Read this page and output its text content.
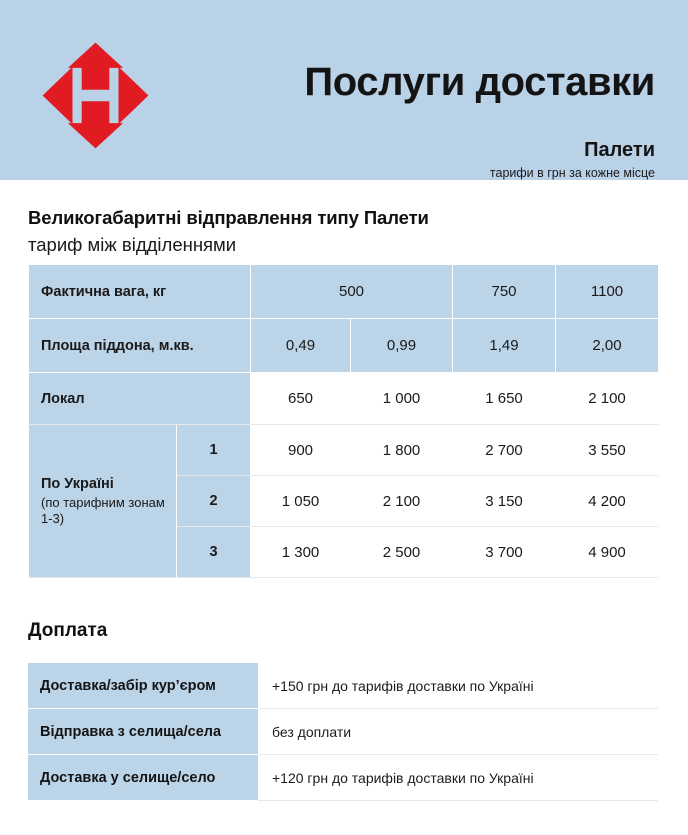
Послуги доставки
Палети
тарифи в грн за кожне місце
Великогабаритні відправлення типу Палети
тариф між відділеннями
Фактична вага, кг		500		750	1100
Площа піддона, м.кв.		0,49	0,99	1,49	2,00
Локал		650	1 000	1 650	2 100
По Україні
(по тарифним зонам 1-3)	1	900	1 800	2 700	3 550
	2	1 050	2 100	3 150	4 200
	3	1 300	2 500	3 700	4 900
Доплата
Доставка/забір кур’єром	+150 грн до тарифів доставки по Україні
Відправка з селища/села	без доплати
Доставка у селище/село	+120 грн до тарифів доставки по Україні
